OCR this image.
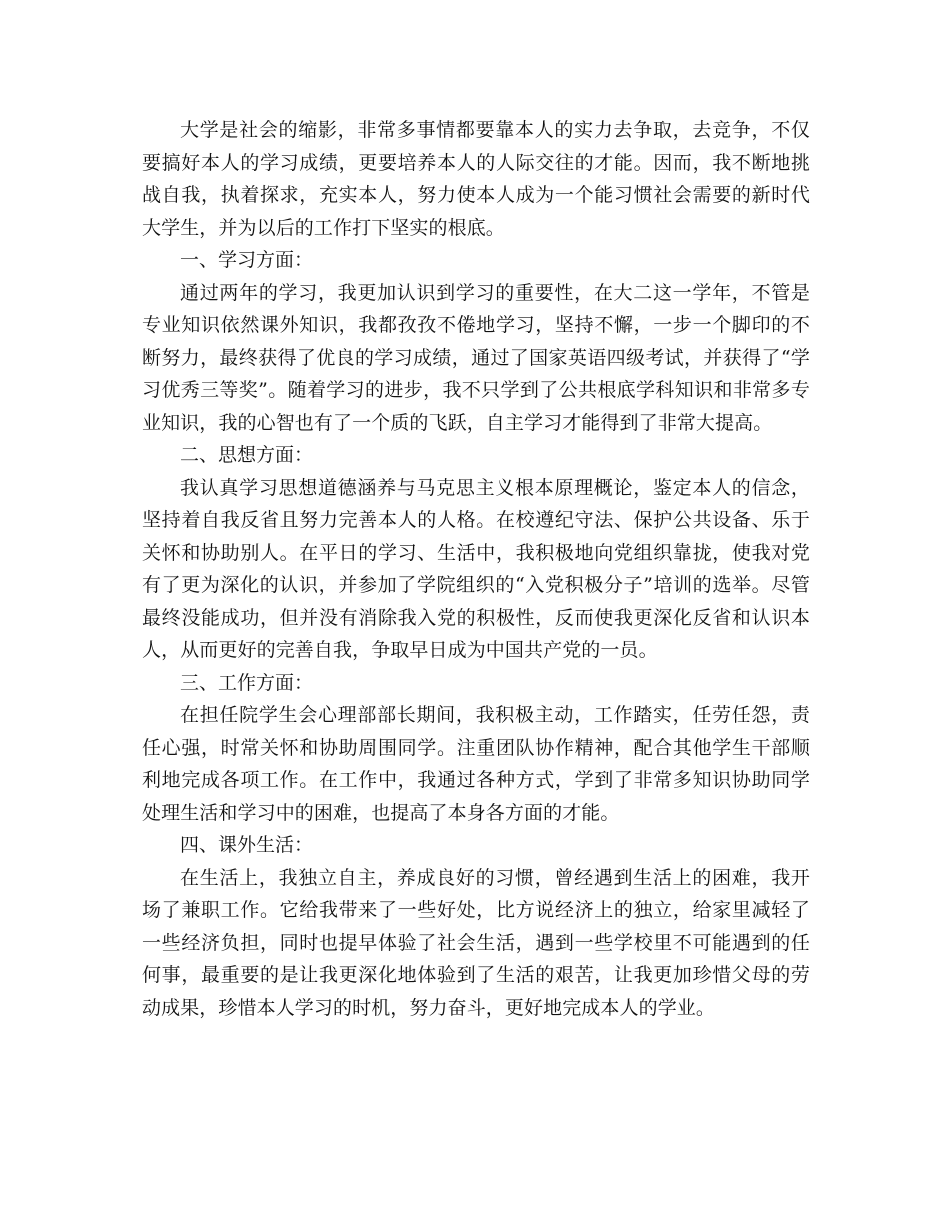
大学是社会的缩影，非常多事情都要靠本人的实力去争取，去竞争，不仅要搞好本人的学习成绩，更要培养本人的人际交往的才能。因而，我不断地挑战自我，执着探求，充实本人，努力使本人成为一个能习惯社会需要的新时代大学生，并为以后的工作打下坚实的根底。

一、学习方面：

通过两年的学习，我更加认识到学习的重要性，在大二这一学年，不管是专业知识依然课外知识，我都孜孜不倦地学习，坚持不懈，一步一个脚印的不断努力，最终获得了优良的学习成绩，通过了国家英语四级考试，并获得了“学习优秀三等奖”。随着学习的进步，我不只学到了公共根底学科知识和非常多专业知识，我的心智也有了一个质的飞跃，自主学习才能得到了非常大提高。

二、思想方面：

我认真学习思想道德涵养与马克思主义根本原理概论，鉴定本人的信念，坚持着自我反省且努力完善本人的人格。在校遵纪守法、保护公共设备、乐于关怀和协助别人。在平日的学习、生活中，我积极地向党组织靠拢，使我对党有了更为深化的认识，并参加了学院组织的“入党积极分子”培训的选举。尽管最终没能成功，但并没有消除我入党的积极性，反而使我更深化反省和认识本人，从而更好的完善自我，争取早日成为中国共产党的一员。

三、工作方面：

在担任院学生会心理部部长期间，我积极主动，工作踏实，任劳任怨，责任心强，时常关怀和协助周围同学。注重团队协作精神，配合其他学生干部顺利地完成各项工作。在工作中，我通过各种方式，学到了非常多知识协助同学处理生活和学习中的困难，也提高了本身各方面的才能。

四、课外生活：

在生活上，我独立自主，养成良好的习惯，曾经遇到生活上的困难，我开场了兼职工作。它给我带来了一些好处，比方说经济上的独立，给家里减轻了一些经济负担，同时也提早体验了社会生活，遇到一些学校里不可能遇到的任何事，最重要的是让我更深化地体验到了生活的艰苦，让我更加珍惜父母的劳动成果，珍惜本人学习的时机，努力奋斗，更好地完成本人的学业。
